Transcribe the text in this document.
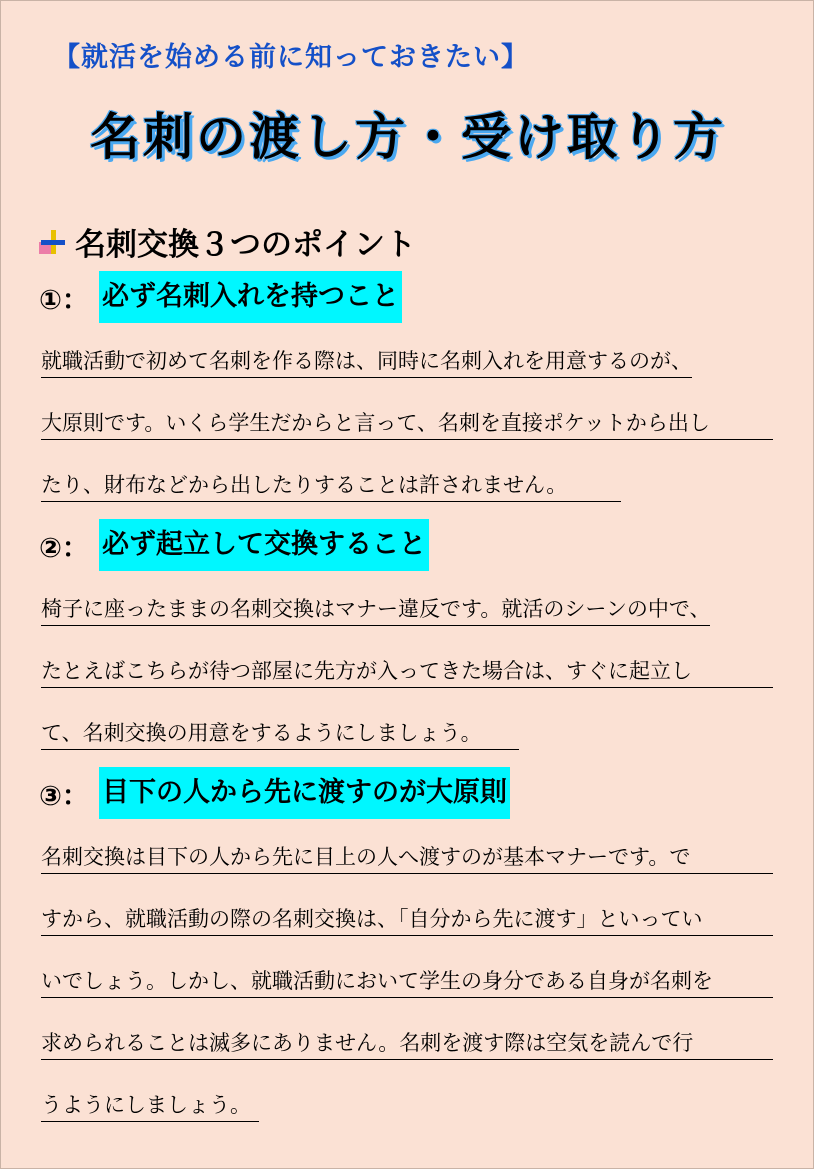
【就活を始める前に知っておきたい】
名刺の渡し方・受け取り方
名刺交換３つのポイント
①： 必ず名刺入れを持つこと
就職活動で初めて名刺を作る際は、同時に名刺入れを用意するのが、
大原則です。いくら学生だからと言って、名刺を直接ポケットから出し
たり、財布などから出したりすることは許されません。
②： 必ず起立して交換すること
椅子に座ったままの名刺交換はマナー違反です。就活のシーンの中で、
たとえばこちらが待つ部屋に先方が入ってきた場合は、すぐに起立し
て、名刺交換の用意をするようにしましょう。
③： 目下の人から先に渡すのが大原則
名刺交換は目下の人から先に目上の人へ渡すのが基本マナーです。で
すから、就職活動の際の名刺交換は、「自分から先に渡す」といってい
いでしょう。しかし、就職活動において学生の身分である自身が名刺を
求められることは滅多にありません。名刺を渡す際は空気を読んで行
うようにしましょう。
